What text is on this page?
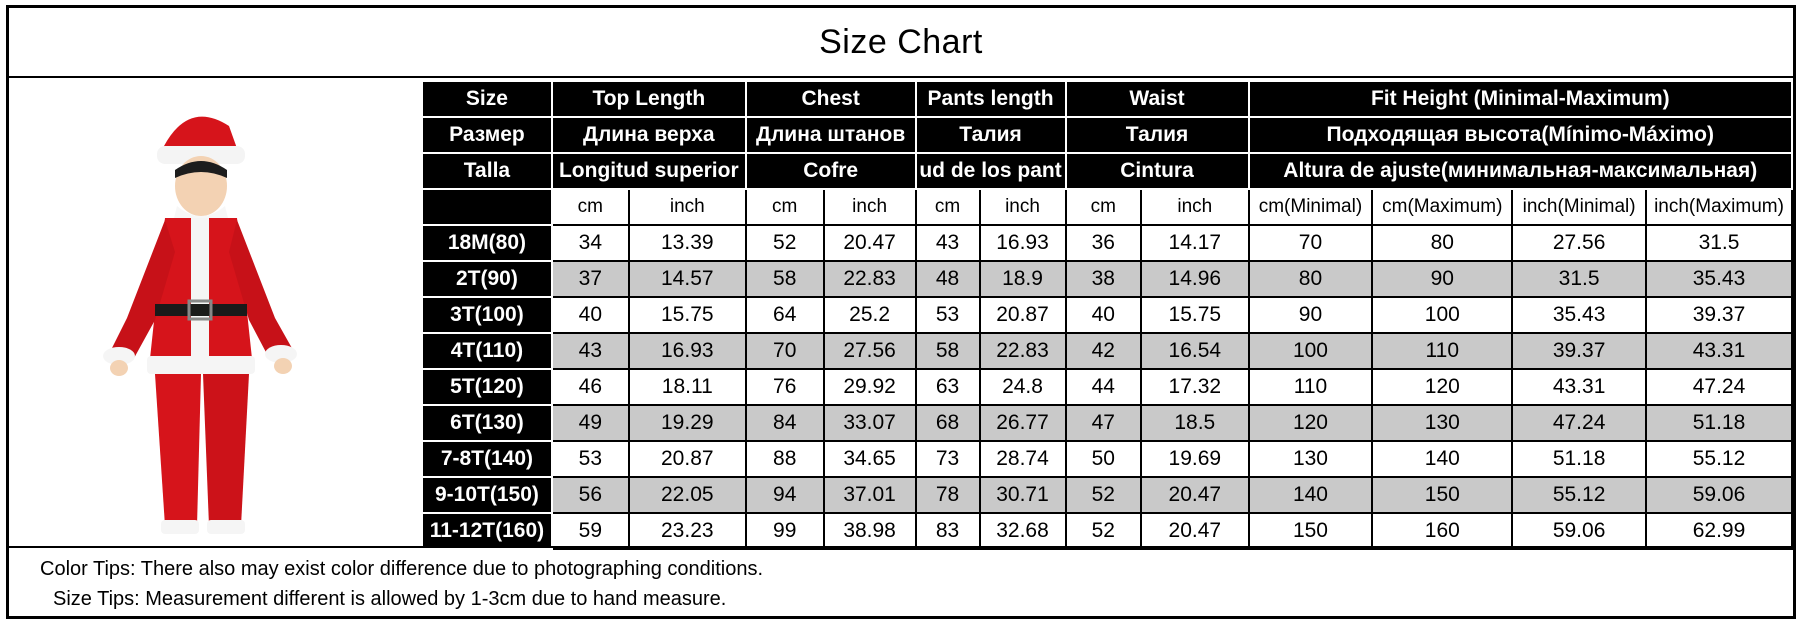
Size Chart
Size	Top Length		Chest		Pants length		Waist		Fit Height (Minimal-Maximum)			
Размер	Длина верха		Длина штанов		Талия		Талия		Подходящая высота(Mínimo-Máximo)			
Talla	Longitud superior		Cofre		ud de los pant		Cintura		Altura de ajuste(минимальная-максимальная)			
	cm	inch	cm	inch	cm	inch	cm	inch	cm(Minimal)	cm(Maximum)	inch(Minimal)	inch(Maximum)
18M(80)	34	13.39	52	20.47	43	16.93	36	14.17	70	80	27.56	31.5
2T(90)	37	14.57	58	22.83	48	18.9	38	14.96	80	90	31.5	35.43
3T(100)	40	15.75	64	25.2	53	20.87	40	15.75	90	100	35.43	39.37
4T(110)	43	16.93	70	27.56	58	22.83	42	16.54	100	110	39.37	43.31
5T(120)	46	18.11	76	29.92	63	24.8	44	17.32	110	120	43.31	47.24
6T(130)	49	19.29	84	33.07	68	26.77	47	18.5	120	130	47.24	51.18
7-8T(140)	53	20.87	88	34.65	73	28.74	50	19.69	130	140	51.18	55.12
9-10T(150)	56	22.05	94	37.01	78	30.71	52	20.47	140	150	55.12	59.06
11-12T(160)	59	23.23	99	38.98	83	32.68	52	20.47	150	160	59.06	62.99
Color Tips: There also may exist color difference due to photographing conditions.
Size Tips: Measurement different is allowed by 1-3cm due to hand measure.
